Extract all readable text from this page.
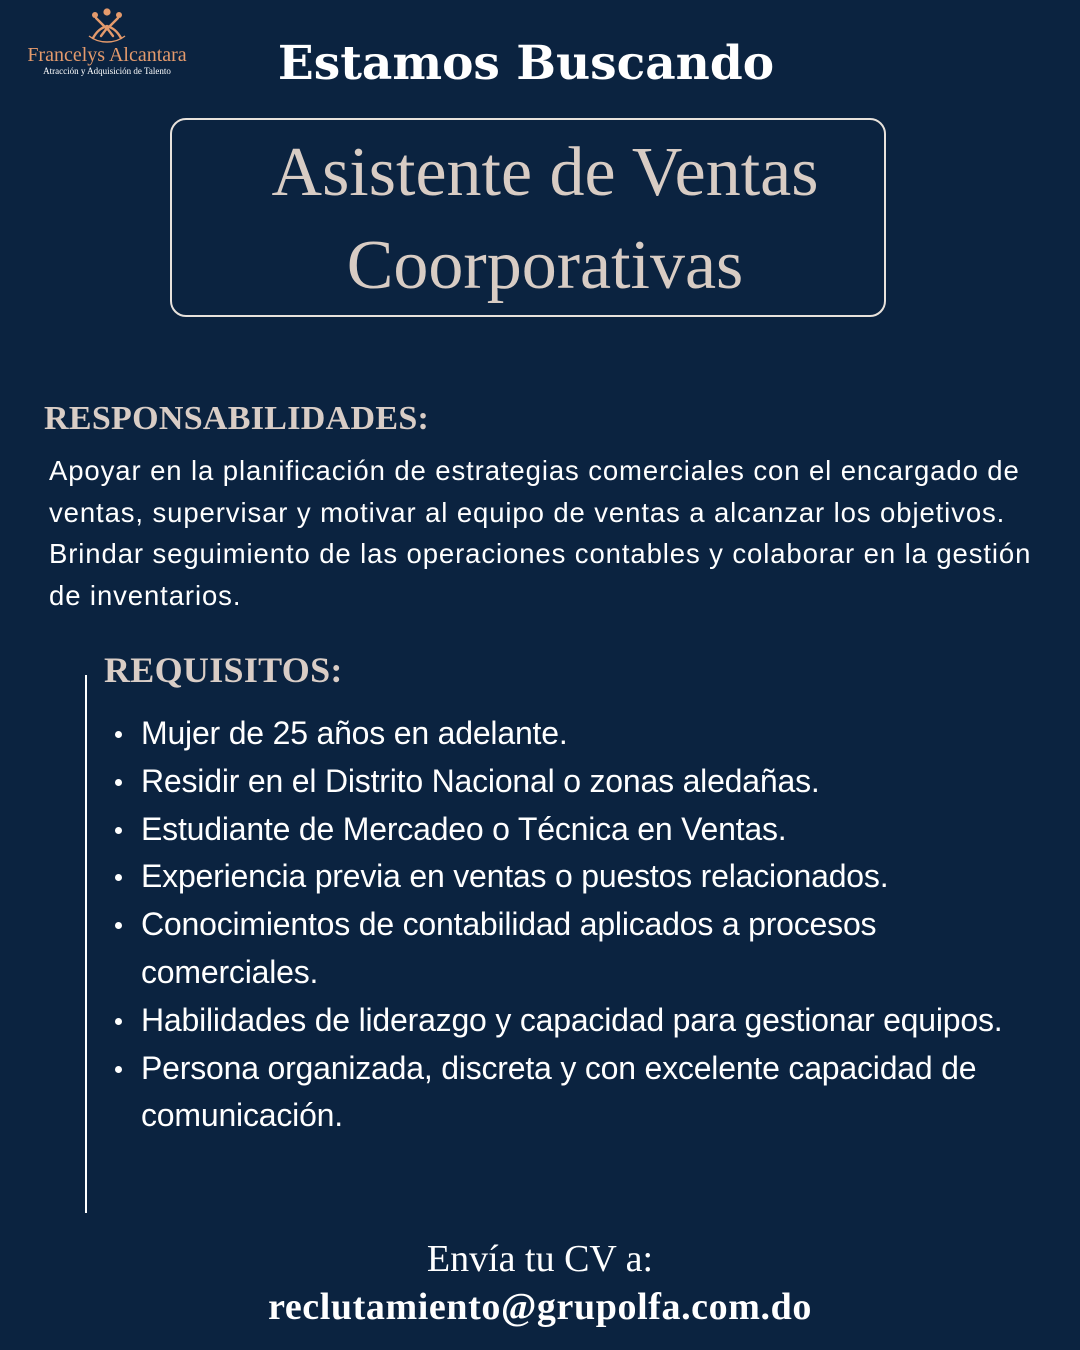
Francelys Alcantara
Atracción y Adquisición de Talento	Estamos Buscando
Asistente de Ventas
Coorporativas
RESPONSABILIDADES:
Apoyar en la planificación de estrategias comerciales con el encargado de ventas, supervisar y motivar al equipo de ventas a alcanzar los objetivos. Brindar seguimiento de las operaciones contables y colaborar en la gestión de inventarios.
REQUISITOS:
Mujer de 25 años en adelante.
Residir en el Distrito Nacional o zonas aledañas.
Estudiante de Mercadeo o Técnica en Ventas.
Experiencia previa en ventas o puestos relacionados.
Conocimientos de contabilidad aplicados a procesos comerciales.
Habilidades de liderazgo y capacidad para gestionar equipos.
Persona organizada, discreta y con excelente capacidad de comunicación.
Envía tu CV a:
reclutamiento@grupolfa.com.do
